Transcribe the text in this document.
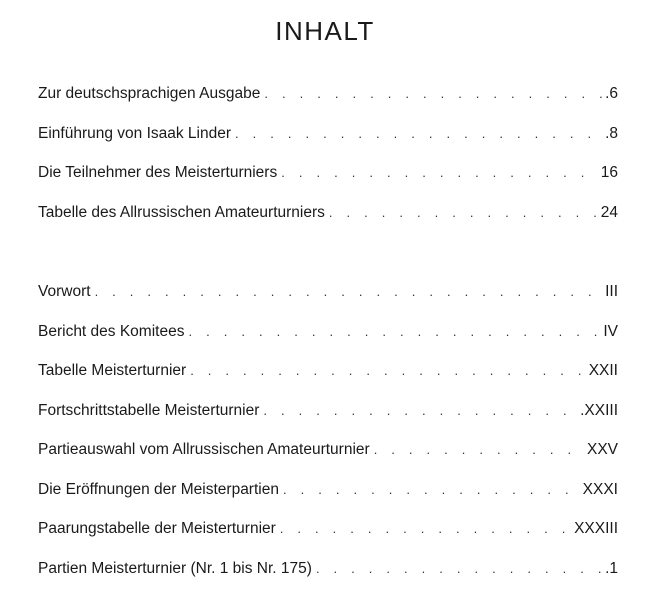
INHALT
Zur deutschsprachigen Ausgabe . . .	.6
Einführung von Isaak Linder . . .	.8
Die Teilnehmer des Meisterturniers . . .	16
Tabelle des Allrussischen Amateurturniers . . .	24
Vorwort . . .	III
Bericht des Komitees . . .	IV
Tabelle Meisterturnier . . .	XXII
Fortschrittstabelle Meisterturnier . . .	.XXIII
Partieauswahl vom Allrussischen Amateurturnier . . .	XXV
Die Eröffnungen der Meisterpartien . . .	XXXI
Paarungstabelle der Meisterturnier . . .	XXXIII
Partien Meisterturnier (Nr. 1 bis Nr. 175) . . .	.1
